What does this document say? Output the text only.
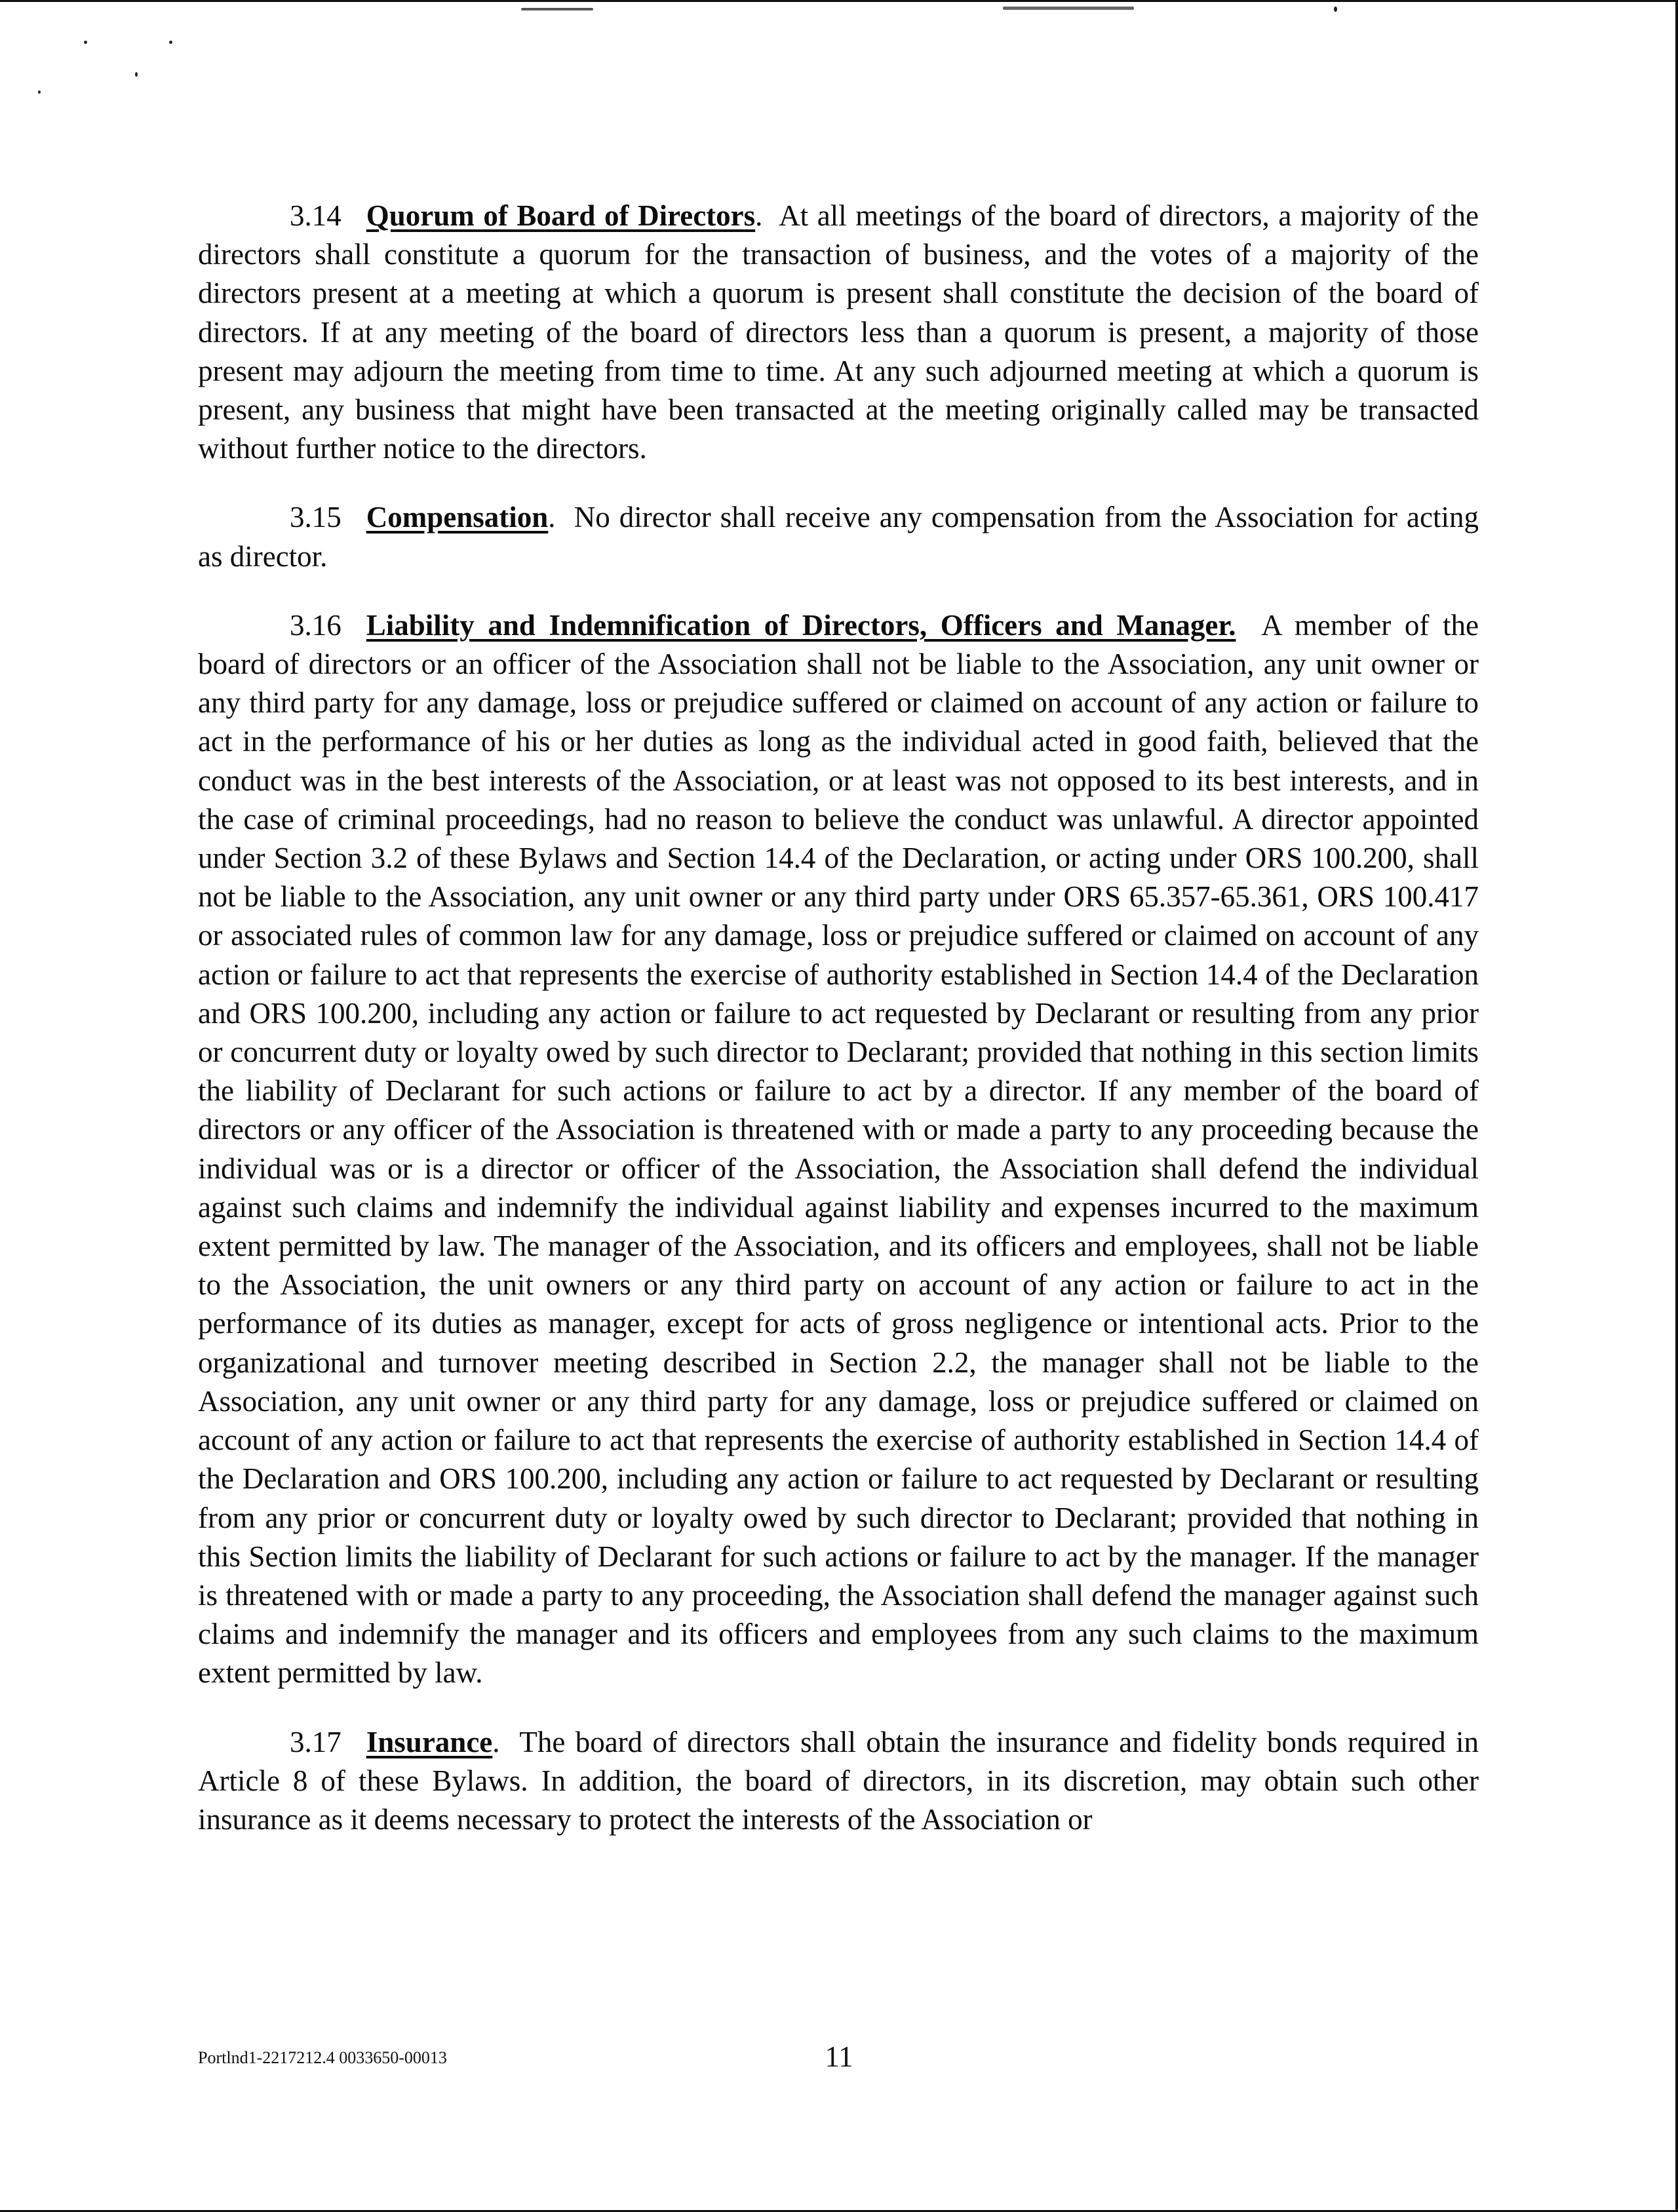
3.14 Quorum of Board of Directors. At all meetings of the board of directors, a majority of the directors shall constitute a quorum for the transaction of business, and the votes of a majority of the directors present at a meeting at which a quorum is present shall constitute the decision of the board of directors. If at any meeting of the board of directors less than a quorum is present, a majority of those present may adjourn the meeting from time to time. At any such adjourned meeting at which a quorum is present, any business that might have been transacted at the meeting originally called may be transacted without further notice to the directors.

3.15 Compensation. No director shall receive any compensation from the Association for acting as director.

3.16 Liability and Indemnification of Directors, Officers and Manager. A member of the board of directors or an officer of the Association shall not be liable to the Association, any unit owner or any third party for any damage, loss or prejudice suffered or claimed on account of any action or failure to act in the performance of his or her duties as long as the individual acted in good faith, believed that the conduct was in the best interests of the Association, or at least was not opposed to its best interests, and in the case of criminal proceedings, had no reason to believe the conduct was unlawful. A director appointed under Section 3.2 of these Bylaws and Section 14.4 of the Declaration, or acting under ORS 100.200, shall not be liable to the Association, any unit owner or any third party under ORS 65.357-65.361, ORS 100.417 or associated rules of common law for any damage, loss or prejudice suffered or claimed on account of any action or failure to act that represents the exercise of authority established in Section 14.4 of the Declaration and ORS 100.200, including any action or failure to act requested by Declarant or resulting from any prior or concurrent duty or loyalty owed by such director to Declarant; provided that nothing in this section limits the liability of Declarant for such actions or failure to act by a director. If any member of the board of directors or any officer of the Association is threatened with or made a party to any proceeding because the individual was or is a director or officer of the Association, the Association shall defend the individual against such claims and indemnify the individual against liability and expenses incurred to the maximum extent permitted by law. The manager of the Association, and its officers and employees, shall not be liable to the Association, the unit owners or any third party on account of any action or failure to act in the performance of its duties as manager, except for acts of gross negligence or intentional acts. Prior to the organizational and turnover meeting described in Section 2.2, the manager shall not be liable to the Association, any unit owner or any third party for any damage, loss or prejudice suffered or claimed on account of any action or failure to act that represents the exercise of authority established in Section 14.4 of the Declaration and ORS 100.200, including any action or failure to act requested by Declarant or resulting from any prior or concurrent duty or loyalty owed by such director to Declarant; provided that nothing in this Section limits the liability of Declarant for such actions or failure to act by the manager. If the manager is threatened with or made a party to any proceeding, the Association shall defend the manager against such claims and indemnify the manager and its officers and employees from any such claims to the maximum extent permitted by law.

3.17 Insurance. The board of directors shall obtain the insurance and fidelity bonds required in Article 8 of these Bylaws. In addition, the board of directors, in its discretion, may obtain such other insurance as it deems necessary to protect the interests of the Association or

Portlnd1-2217212.4 0033650-00013	11
